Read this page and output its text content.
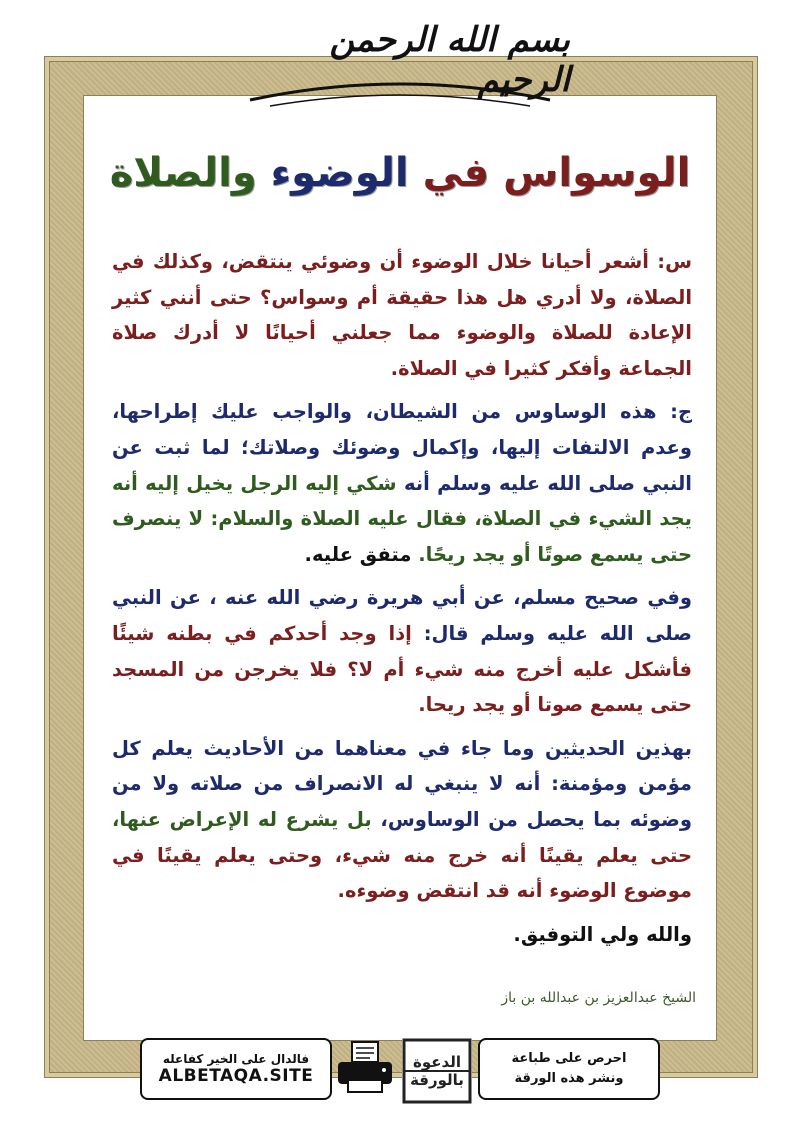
بسم الله الرحمن الرحيم
الوسواس في الوضوء والصلاة

س: أشعر أحيانا خلال الوضوء أن وضوئي ينتقض، وكذلك في الصلاة، ولا أدري هل هذا حقيقة أم وسواس؟ حتى أنني كثير الإعادة للصلاة والوضوء مما جعلني أحيانًا لا أدرك صلاة الجماعة وأفكر كثيرا في الصلاة.

ج: هذه الوساوس من الشيطان، والواجب عليك إطراحها، وعدم الالتفات إليها، وإكمال وضوئك وصلاتك؛ لما ثبت عن النبي صلى الله عليه وسلم أنه شكي إليه الرجل يخيل إليه أنه يجد الشيء في الصلاة، فقال عليه الصلاة والسلام: لا ينصرف حتى يسمع صوتًا أو يجد ريحًا. متفق عليه.

وفي صحيح مسلم، عن أبي هريرة رضي الله عنه ، عن النبي صلى الله عليه وسلم قال: إذا وجد أحدكم في بطنه شيئًا فأشكل عليه أخرج منه شيء أم لا؟ فلا يخرجن من المسجد حتى يسمع صوتا أو يجد ريحا.

بهذين الحديثين وما جاء في معناهما من الأحاديث يعلم كل مؤمن ومؤمنة: أنه لا ينبغي له الانصراف من صلاته ولا من وضوئه بما يحصل من الوساوس، بل يشرع له الإعراض عنها، حتى يعلم يقينًا أنه خرج منه شيء، وحتى يعلم يقينًا في موضوع الوضوء أنه قد انتقض وضوءه.

والله ولي التوفيق.

الشيخ عبدالعزيز بن عبدالله بن باز
فالدال على الخير كفاعله
ALBETAQA.SITE
الدعوة
بالورقة
احرص على طباعة
ونشر هذه الورقة
